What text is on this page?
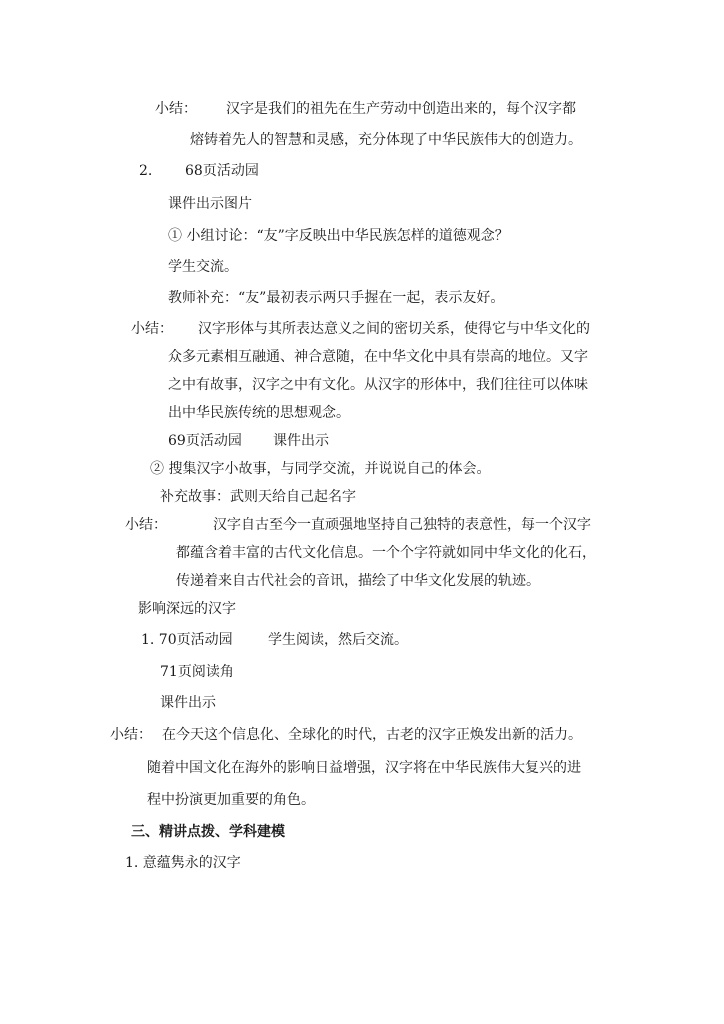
小结： 汉字是我们的祖先在生产劳动中创造出来的，每个汉字都
熔铸着先人的智慧和灵感，充分体现了中华民族伟大的创造力。
2. 68页活动园
课件出示图片
① 小组讨论：“友”字反映出中华民族怎样的道德观念？
学生交流。
教师补充：“友”最初表示两只手握在一起，表示友好。
小结： 汉字形体与其所表达意义之间的密切关系，使得它与中华文化的
众多元素相互融通、神合意随，在中华文化中具有崇高的地位。又字
之中有故事，汉字之中有文化。从汉字的形体中，我们往往可以体味
出中华民族传统的思想观念。
69页活动园 课件出示
② 搜集汉字小故事，与同学交流，并说说自己的体会。
补充故事：武则天给自己起名字
小结：	汉字自古至今一直顽强地坚持自己独特的表意性，每一个汉字
都蕴含着丰富的古代文化信息。一个个字符就如同中华文化的化石，
传递着来自古代社会的音讯，描绘了中华文化发展的轨迹。
影响深远的汉字
1. 70页活动园	学生阅读，然后交流。
71页阅读角
课件出示
小结： 在今天这个信息化、全球化的时代，古老的汉字正焕发出新的活力。
随着中国文化在海外的影响日益增强，汉字将在中华民族伟大复兴的进
程中扮演更加重要的角色。
三、精讲点拨、学科建模
1. 意蕴隽永的汉字
